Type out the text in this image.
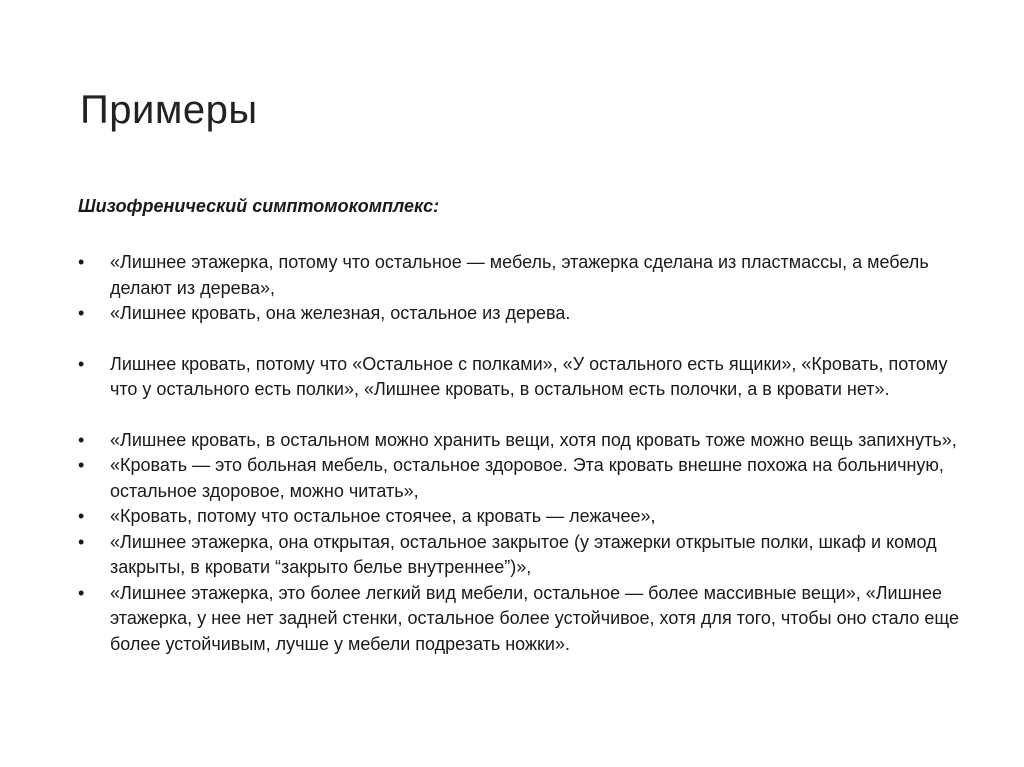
Примеры

Шизофренический симптомокомплекс:

• «Лишнее этажерка, потому что остальное — мебель, этажерка сделана из пластмассы, а мебель делают из дерева»,
• «Лишнее кровать, она железная, остальное из дерева.
• Лишнее кровать, потому что «Остальное с полками», «У остального есть ящики», «Кровать, потому что у остального есть полки», «Лишнее кровать, в остальном есть полочки, а в кровати нет».
• «Лишнее кровать, в остальном можно хранить вещи, хотя под кровать тоже можно вещь запихнуть»,
• «Кровать — это больная мебель, остальное здоровое. Эта кровать внешне похожа на больничную, остальное здоровое, можно читать»,
• «Кровать, потому что остальное стоячее, а кровать — лежачее»,
• «Лишнее этажерка, она открытая, остальное закрытое (у этажерки открытые полки, шкаф и комод закрыты, в кровати “закрыто белье внутреннее”)»,
• «Лишнее этажерка, это более легкий вид мебели, остальное — более массивные вещи», «Лишнее этажерка, у нее нет задней стенки, остальное более устойчивое, хотя для того, чтобы оно стало еще более устойчивым, лучше у мебели подрезать ножки».
